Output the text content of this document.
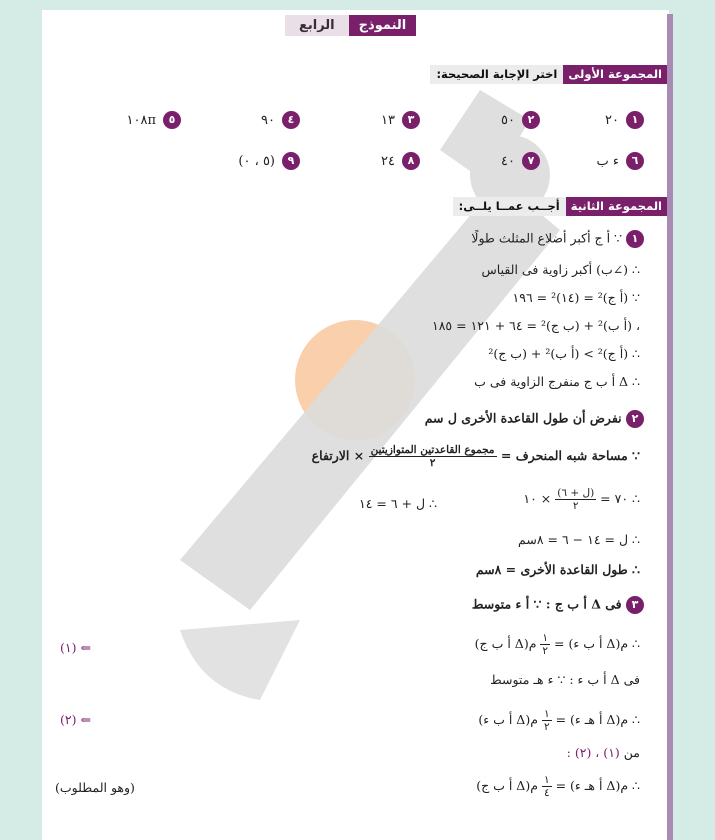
الرابع	النموذج
المجموعة الأولى
اختر الإجابة الصحيحة:
١
٢٠
٢
٥٠
٣
١٣
٤
٩٠
٥
١٠٨π
٦
ء ب
٧
٤٠
٨
٢٤
٩
(٥ ، ٠)
المجموعة الثانية
أجــب عمــا يلــى:
١ ∵ أ ج أكبر أضلاع المثلث طولًا
∴ (∠ب) أكبر زاوية فى القياس
∵ (أ ج)² = (١٤)² = ١٩٦
، (أ ب)² + (ب ج)² = ٦٤ + ١٢١ = ١٨٥
∴ (أ ج)² > (أ ب)² + (ب ج)²
∴ Δ أ ب ج منفرج الزاوية فى ب
٢ نفرض أن طول القاعدة الأخرى ل سم
∵ مساحة شبه المنحرف =
$\frac{\text{مجموع القاعدتين المتوازيتين}}{٢}$
× الارتفاع
∴ ٧٠ =
$\frac{\text{(ل + ٦)}}{٢}$
× ١٠
∴ ل + ٦ = ١٤
∴ ل = ١٤ − ٦ = ٨سم
∴ طول القاعدة الأخرى = ٨سم
٣ فى Δ أ ب ج : ∵ أ ء متوسط
∴ م(Δ أ ب ء) =
$\frac{١}{٢}$
م(Δ أ ب ج)
⇐ (١)
فى Δ أ ب ء : ∵ ء هـ متوسط
∴ م(Δ أ هـ ء) =
$\frac{١}{٢}$
م(Δ أ ب ء)
⇐ (٢)
من (١) ، (٢) :
∴ م(Δ أ هـ ء) =
$\frac{١}{٤}$
م(Δ أ ب ج)
(وهو المطلوب)
